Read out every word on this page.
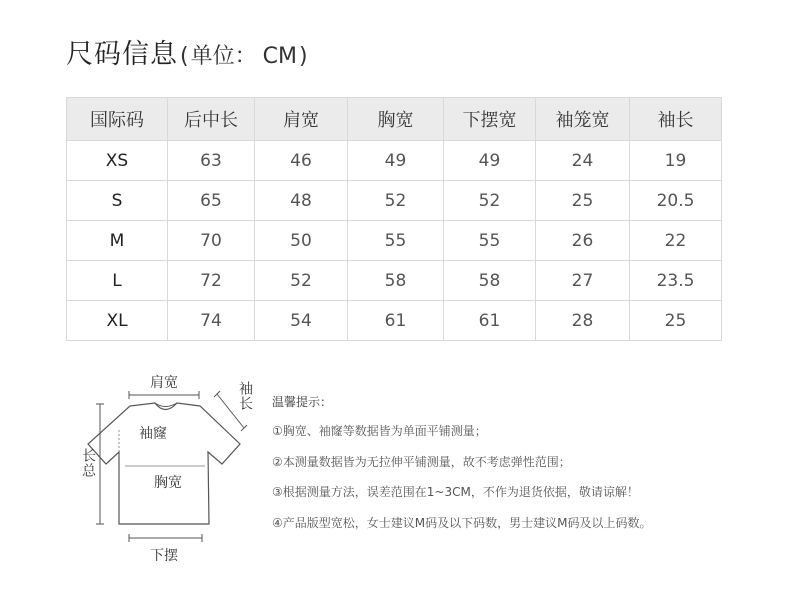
尺码信息 ( 单位： CM )
国际码	后中长	肩宽	胸宽	下摆宽	袖笼宽	袖长
XS	63	46	49	49	24	19
S	65	48	52	52	25	20.5
M	70	50	55	55	26	22
L	72	52	58	58	27	23.5
XL	74	54	61	61	28	25
肩宽	袖长
袖窿
胸宽
长总
下摆
温馨提示：
①胸宽、袖窿等数据皆为单面平铺测量；
②本测量数据皆为无拉伸平铺测量，故不考虑弹性范围；
③根据测量方法，误差范围在1~3CM，不作为退货依据，敬请谅解！
④产品版型宽松，女士建议M码及以下码数，男士建议M码及以上码数。
